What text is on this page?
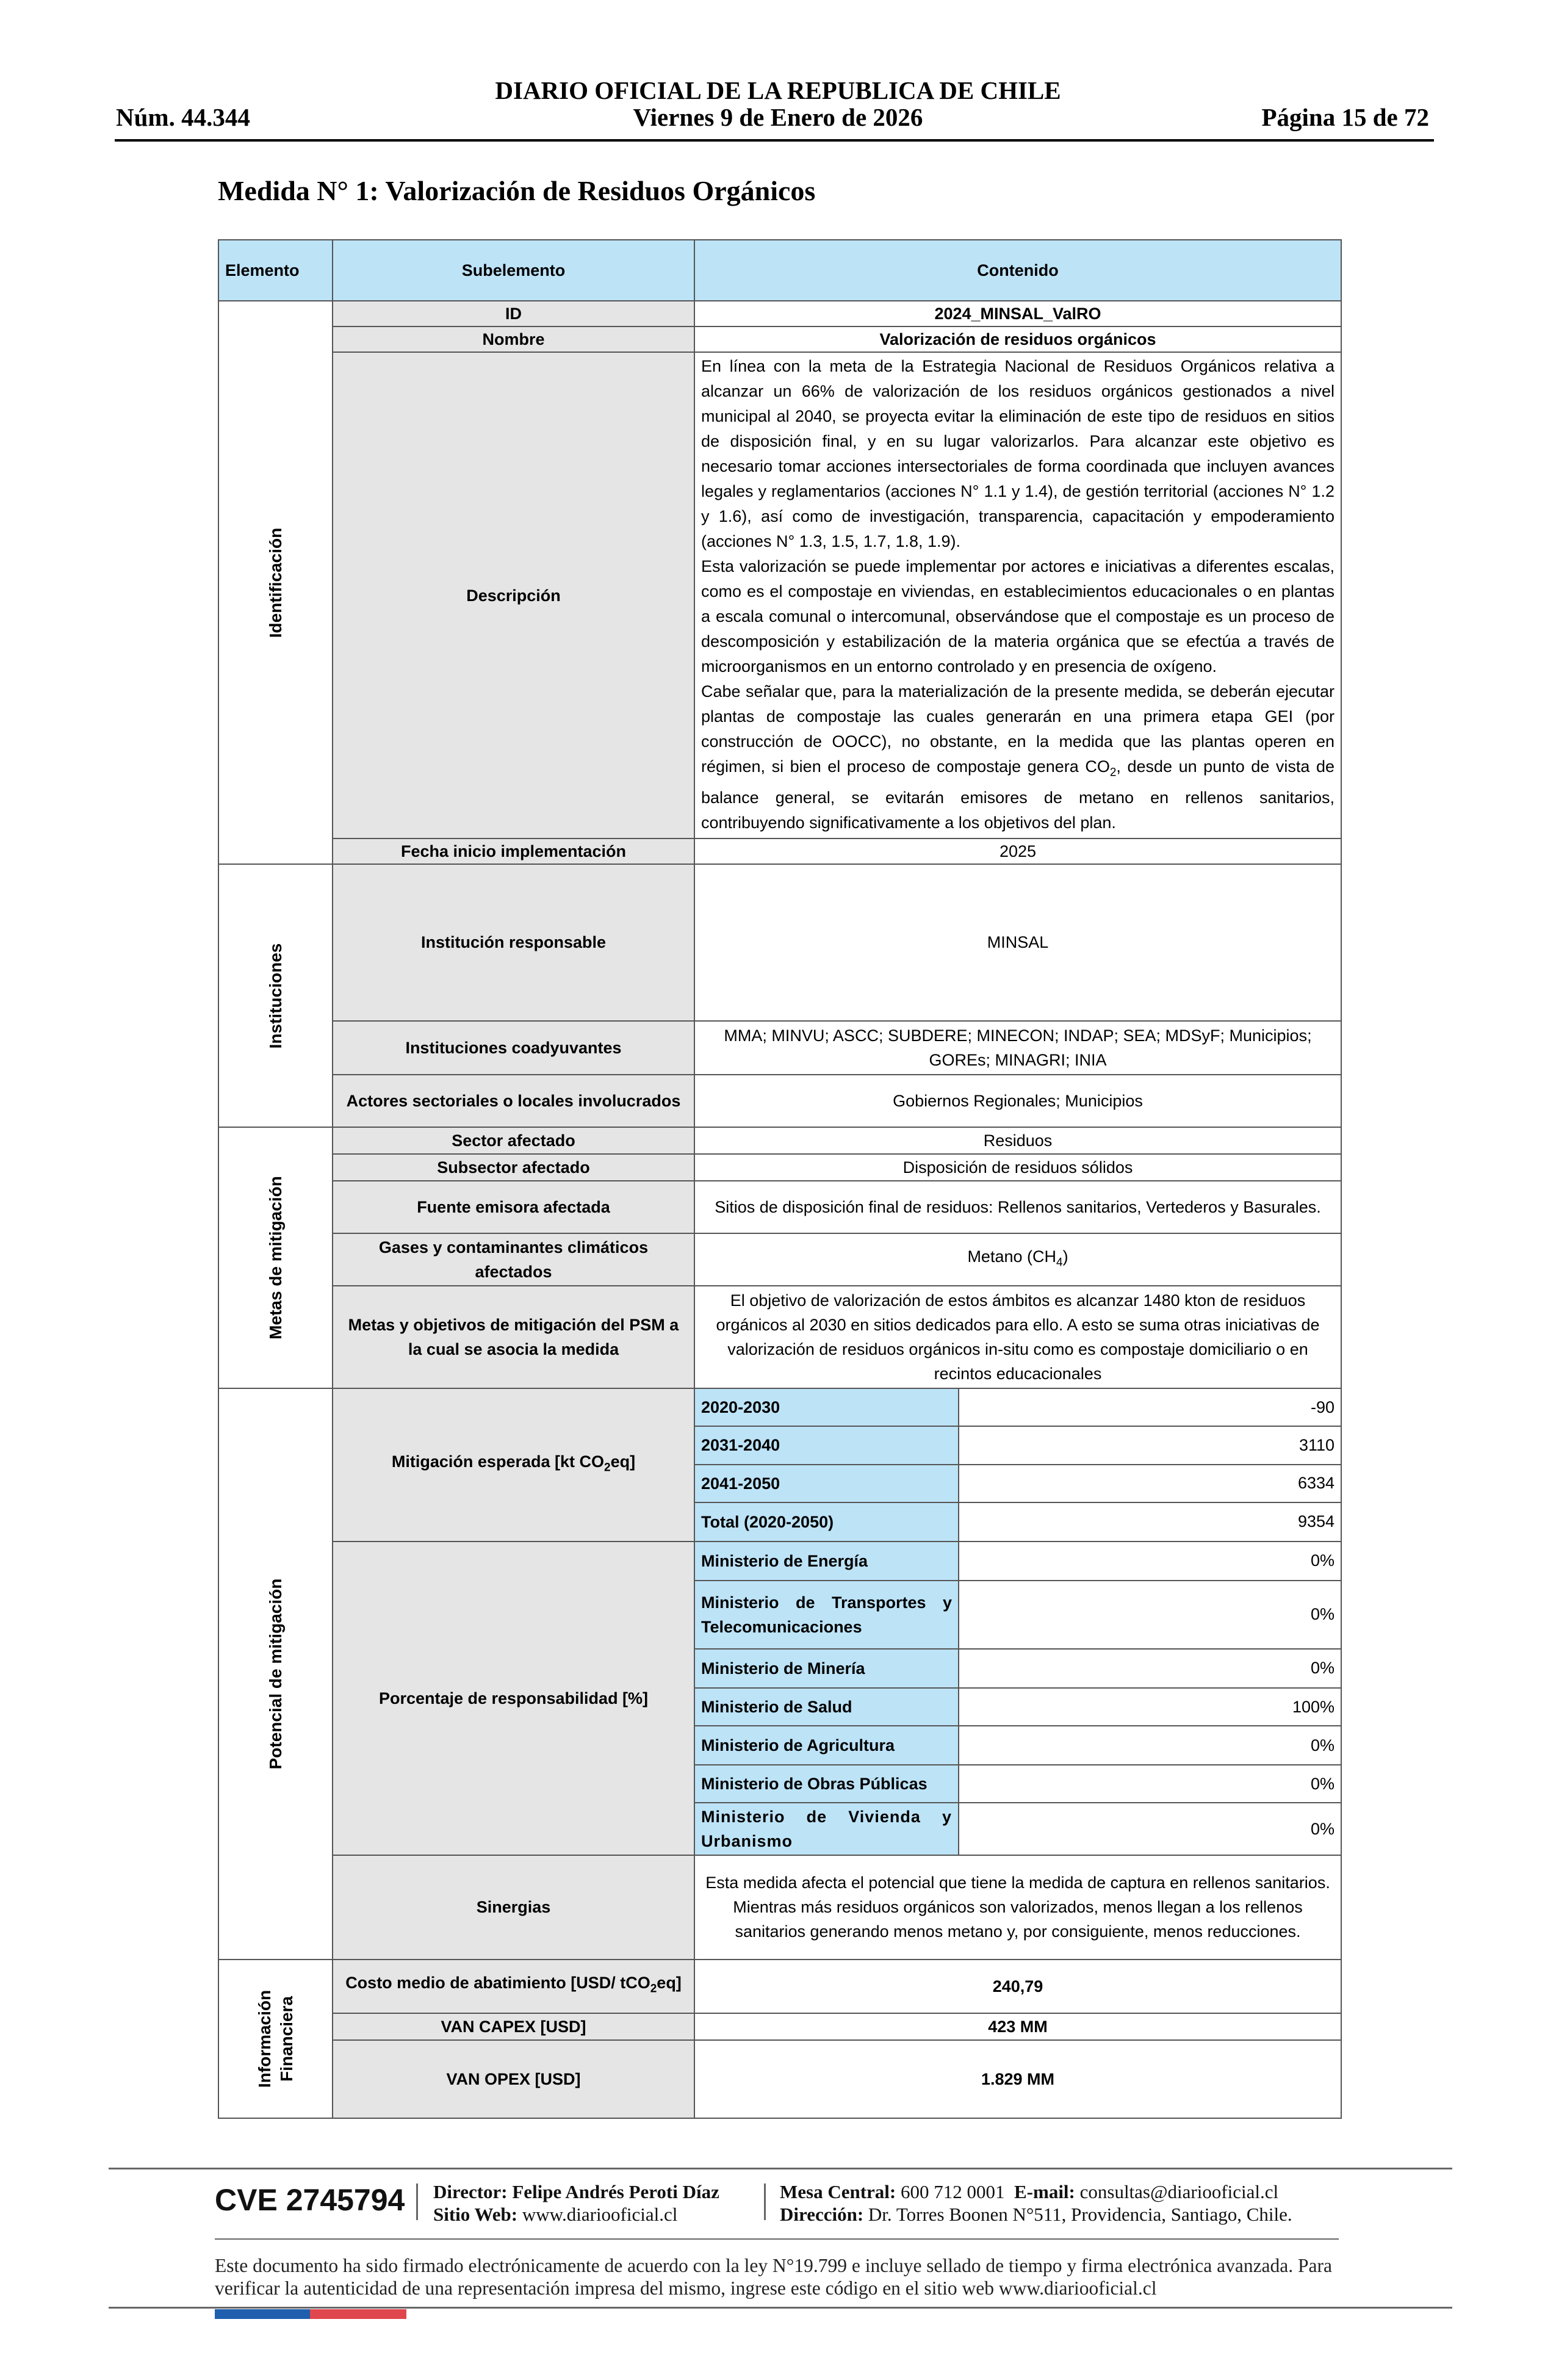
DIARIO OFICIAL DE LA REPUBLICA DE CHILE
Viernes 9 de Enero de 2026
Núm. 44.344	Página 15 de 72
Medida N° 1: Valorización de Residuos Orgánicos
Elemento	Subelemento	Contenido	

Identificación	ID	2024_MINSAL_ValRO	
	Nombre	Valorización de residuos orgánicos	
	Descripción	En línea con la meta de la Estrategia Nacional de Residuos Orgánicos relativa a alcanzar un 66% de valorización de los residuos orgánicos gestionados a nivel municipal al 2040, se proyecta evitar la eliminación de este tipo de residuos en sitios de disposición final, y en su lugar valorizarlos. Para alcanzar este objetivo es necesario tomar acciones intersectoriales de forma coordinada que incluyen avances legales y reglamentarios (acciones N° 1.1 y 1.4), de gestión territorial (acciones N° 1.2 y 1.6), así como de investigación, transparencia, capacitación y empoderamiento (acciones N° 1.3, 1.5, 1.7, 1.8, 1.9).
Esta valorización se puede implementar por actores e iniciativas a diferentes escalas, como es el compostaje en viviendas, en establecimientos educacionales o en plantas a escala comunal o intercomunal, observándose que el compostaje es un proceso de descomposición y estabilización de la materia orgánica que se efectúa a través de microorganismos en un entorno controlado y en presencia de oxígeno.
Cabe señalar que, para la materialización de la presente medida, se deberán ejecutar plantas de compostaje las cuales generarán en una primera etapa GEI (por construcción de OOCC), no obstante, en la medida que las plantas operen en régimen, si bien el proceso de compostaje genera $CO_2$, desde un punto de vista de balance general, se evitarán emisores de metano en rellenos sanitarios, contribuyendo significativamente a los objetivos del plan.	

	Fecha inicio implementación	2025	

Instituciones	Institución responsable	MINSAL	
	Instituciones coadyuvantes	MMA; MINVU; ASCC; SUBDERE; MINECON; INDAP; SEA; MDSyF; Municipios; GOREs; MINAGRI; INIA	
	Actores sectoriales o locales involucrados	Gobiernos Regionales; Municipios	

Metas de mitigación	Sector afectado	Residuos	
	Subsector afectado	Disposición de residuos sólidos	
	Fuente emisora afectada	Sitios de disposición final de residuos: Rellenos sanitarios, Vertederos y Basurales.	
	Gases y contaminantes climáticos afectados	Metano $(CH_4)$	
	Metas y objetivos de mitigación del PSM a la cual se asocia la medida	El objetivo de valorización de estos ámbitos es alcanzar 1480 kton de residuos orgánicos al 2030 en sitios dedicados para ello. A esto se suma otras iniciativas de valorización de residuos orgánicos in-situ como es compostaje domiciliario o en recintos educacionales	

Potencial de mitigación	Mitigación esperada [kt $CO_2eq$]	2020-2030	-90
		2031-2040	3110
		2041-2050	6334
		Total (2020-2050)	9354
	Porcentaje de responsabilidad [%]	Ministerio de Energía	0%
		Ministerio de Transportes y Telecomunicaciones	0%
		Ministerio de Minería	0%
		Ministerio de Salud	100%
		Ministerio de Agricultura	0%
		Ministerio de Obras Públicas	0%
		Ministerio de Vivienda y Urbanismo	0%
	Sinergias	Esta medida afecta el potencial que tiene la medida de captura en rellenos sanitarios. Mientras más residuos orgánicos son valorizados, menos llegan a los rellenos sanitarios generando menos metano y, por consiguiente, menos reducciones.	

Información Financiera	Costo medio de abatimiento [USD/ tCO$_2$eq]	240,79	
	VAN CAPEX [USD]	423 MM	
	VAN OPEX [USD]	1.829 MM	
CVE 2745794 Director: Felipe Andrés Peroti Díaz
Sitio Web: www.diariooficial.cl
Mesa Central: 600 712 0001 E-mail: consultas@diariooficial.cl
Dirección: Dr. Torres Boonen N°511, Providencia, Santiago, Chile.
Este documento ha sido firmado electrónicamente de acuerdo con la ley N°19.799 e incluye sellado de tiempo y firma electrónica avanzada. Para verificar la autenticidad de una representación impresa del mismo, ingrese este código en el sitio web www.diariooficial.cl
